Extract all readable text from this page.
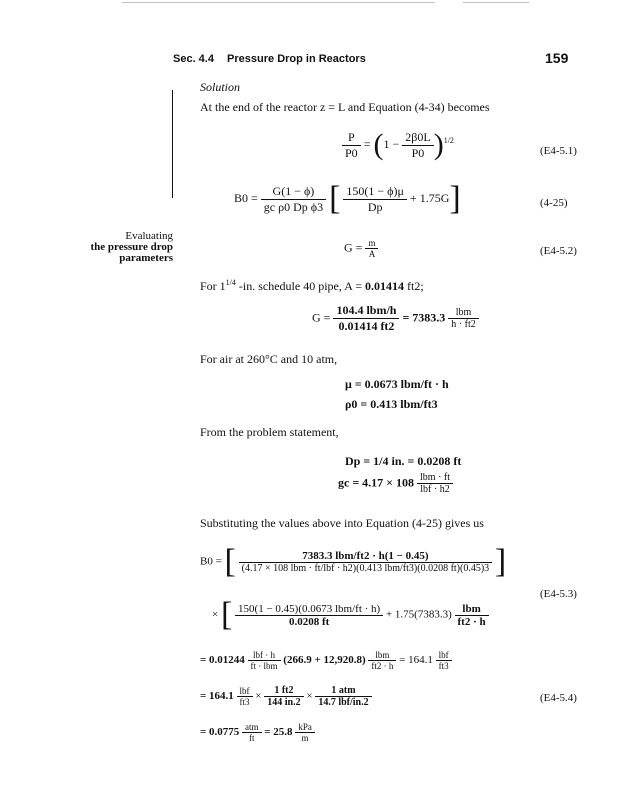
Sec. 4.4 Pressure Drop in Reactors	159
Solution
At the end of the reactor z = L and Equation (4-34) becomes
$\frac{P}{P0} = (1 - \frac{2\beta 0L}{P0} )^{1/2}$
(E4-5.1)
$B0 = \frac{G(1 - \phi)}{\text{gc ρ0 Dp ϕ3}}$ [ $\frac{150(1 - \phi)\mu}{Dp} + 1.75G$]	(4-25)
Evaluating
the pressure drop
parameters
$G = \frac{m}{A}$	(E4-5.2)
For $1^{1/4}$ -in. schedule 40 pipe, A = 0.01414 ft2;
$G = \frac{\text{104.4 lbm/h}}{0.01414 ft2} = 7383.3 \frac{\text{lbm}}{h \cdot ft2}$
For air at 260°C and 10 atm,
μ = 0.0673 lbm/ft · h
ρ0 = 0.413 lbm/ft3
From the problem statement,
Dp = 1/4 in. = 0.0208 ft
gc = $4.17 \times 108 \frac{\text{lbm · ft}}{\text{lbf · h2}}$
Substituting the values above into Equation (4-25) gives us
B0 = [	7383.3 lbm/ft2 · h(1 − 0.45)
(4.17 × 108 lbm · ft/lbf · h2)(0.413 lbm/ft3)(0.0208 ft)(0.45)3 ]
(E4-5.3)
× [ $\frac{\text{150(1 − 0.45)(0.0673 lbm/ft · h)}}{0.0208 ft} + 1.75(7383.3) \frac{\text{lbm}}{ft2 \cdot h}$
= $0.01244 \frac{\text{lbf · h}}{\text{ft · lbm}} (266.9 + 12,920.8) \frac{\text{lbm}}{ft2 \cdot h} = 164.1 \frac{\text{lbf}}{ft3}$
= $164.1 \frac{\text{lbf}}{ft3} \times \frac{1 ft2}{144 in.2} \times \frac{\text{1 atm}}{\text{14.7 lbf/in.2}}$	(E4-5.4)
= $0.0775 \frac{\text{atm}}{ft} = 25.8 \frac{\text{kPa}}{m}$
